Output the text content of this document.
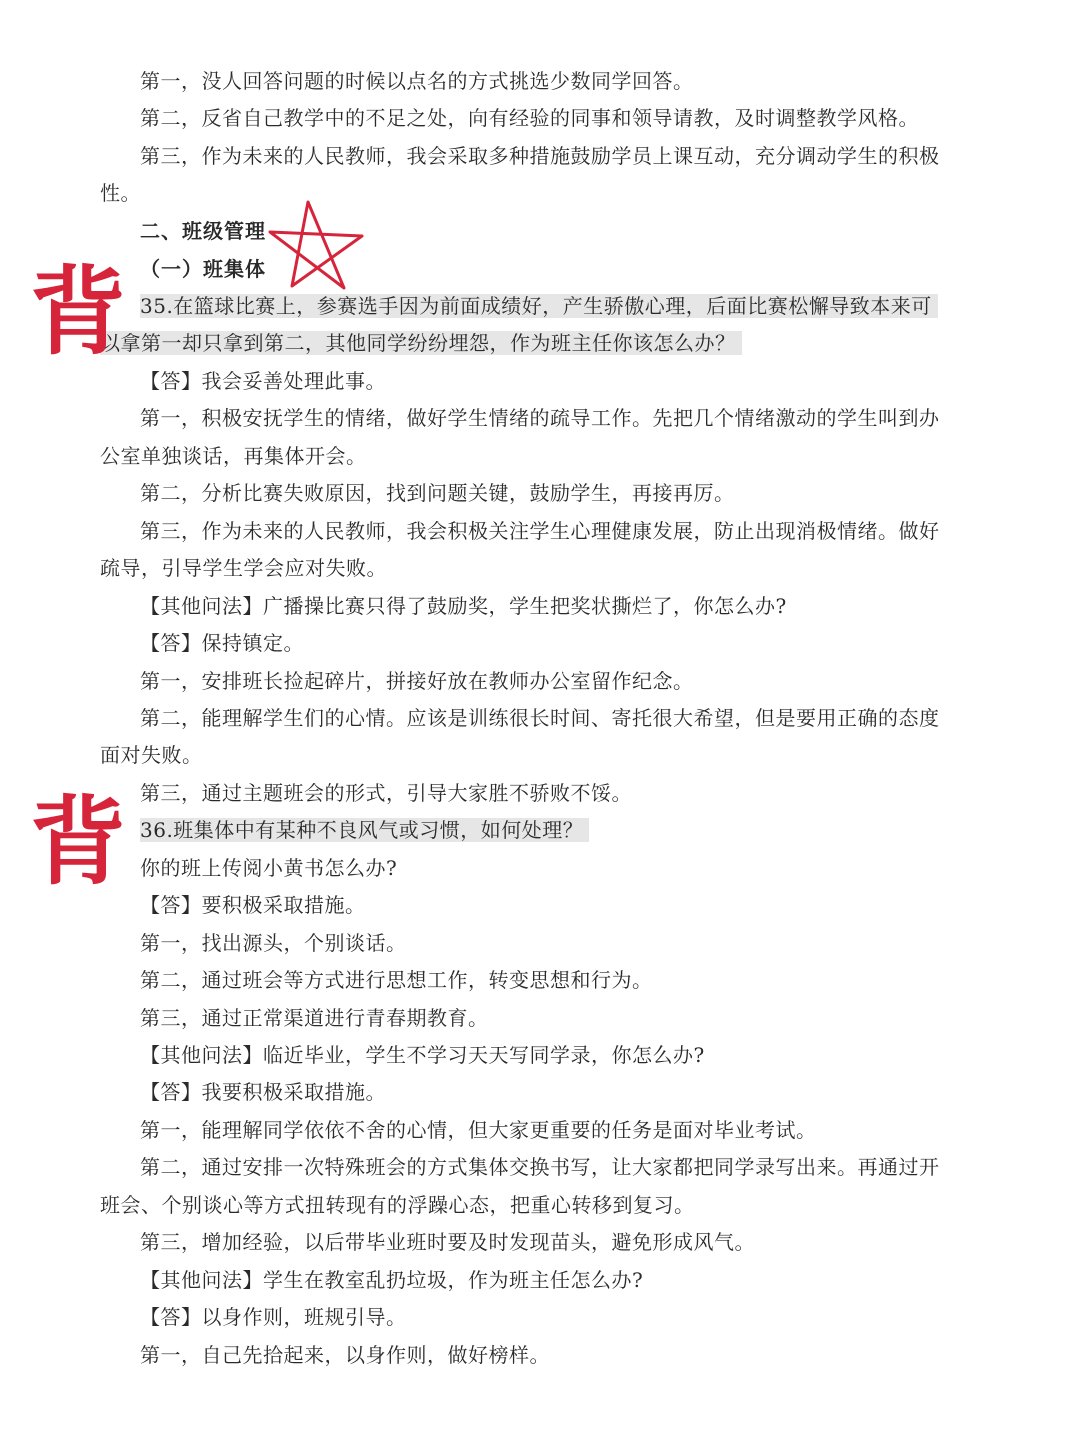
第一，没人回答问题的时候以点名的方式挑选少数同学回答。
第二，反省自己教学中的不足之处，向有经验的同事和领导请教，及时调整教学风格。
第三，作为未来的人民教师，我会采取多种措施鼓励学员上课互动，充分调动学生的积极
性。
二、班级管理
（一）班集体
35.在篮球比赛上，参赛选手因为前面成绩好，产生骄傲心理，后面比赛松懈导致本来可
以拿第一却只拿到第二，其他同学纷纷埋怨，作为班主任你该怎么办？
【答】我会妥善处理此事。
第一，积极安抚学生的情绪，做好学生情绪的疏导工作。先把几个情绪激动的学生叫到办
公室单独谈话，再集体开会。
第二，分析比赛失败原因，找到问题关键，鼓励学生，再接再厉。
第三，作为未来的人民教师，我会积极关注学生心理健康发展，防止出现消极情绪。做好
疏导，引导学生学会应对失败。
【其他问法】广播操比赛只得了鼓励奖，学生把奖状撕烂了，你怎么办?
【答】保持镇定。
第一，安排班长捡起碎片，拼接好放在教师办公室留作纪念。
第二，能理解学生们的心情。应该是训练很长时间、寄托很大希望，但是要用正确的态度
面对失败。
第三，通过主题班会的形式，引导大家胜不骄败不馁。
36.班集体中有某种不良风气或习惯，如何处理？
你的班上传阅小黄书怎么办?
【答】要积极采取措施。
第一，找出源头，个别谈话。
第二，通过班会等方式进行思想工作，转变思想和行为。
第三，通过正常渠道进行青春期教育。
【其他问法】临近毕业，学生不学习天天写同学录，你怎么办?
【答】我要积极采取措施。
第一，能理解同学依依不舍的心情，但大家更重要的任务是面对毕业考试。
第二，通过安排一次特殊班会的方式集体交换书写，让大家都把同学录写出来。再通过开
班会、个别谈心等方式扭转现有的浮躁心态，把重心转移到复习。
第三，增加经验，以后带毕业班时要及时发现苗头，避免形成风气。
【其他问法】学生在教室乱扔垃圾，作为班主任怎么办?
【答】以身作则，班规引导。
第一，自己先拾起来，以身作则，做好榜样。
背
背
